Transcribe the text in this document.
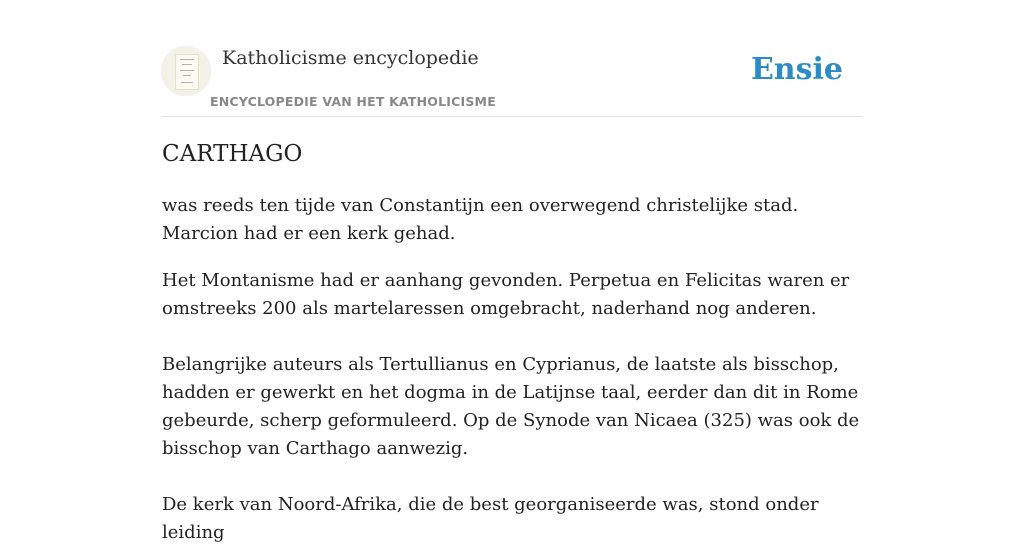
Katholicisme encyclopedie
ENCYCLOPEDIE VAN HET KATHOLICISME
Ensie
CARTHAGO

was reeds ten tijde van Constantijn een overwegend christelijke stad. Marcion had er een kerk gehad.

Het Montanisme had er aanhang gevonden. Perpetua en Felicitas waren er omstreeks 200 als martelaressen omgebracht, naderhand nog anderen.

Belangrijke auteurs als Tertullianus en Cyprianus, de laatste als bisschop, hadden er gewerkt en het dogma in de Latijnse taal, eerder dan dit in Rome gebeurde, scherp geformuleerd. Op de Synode van Nicaea (325) was ook de bisschop van Carthago aanwezig.

De kerk van Noord-Afrika, die de best georganiseerde was, stond onder leiding
